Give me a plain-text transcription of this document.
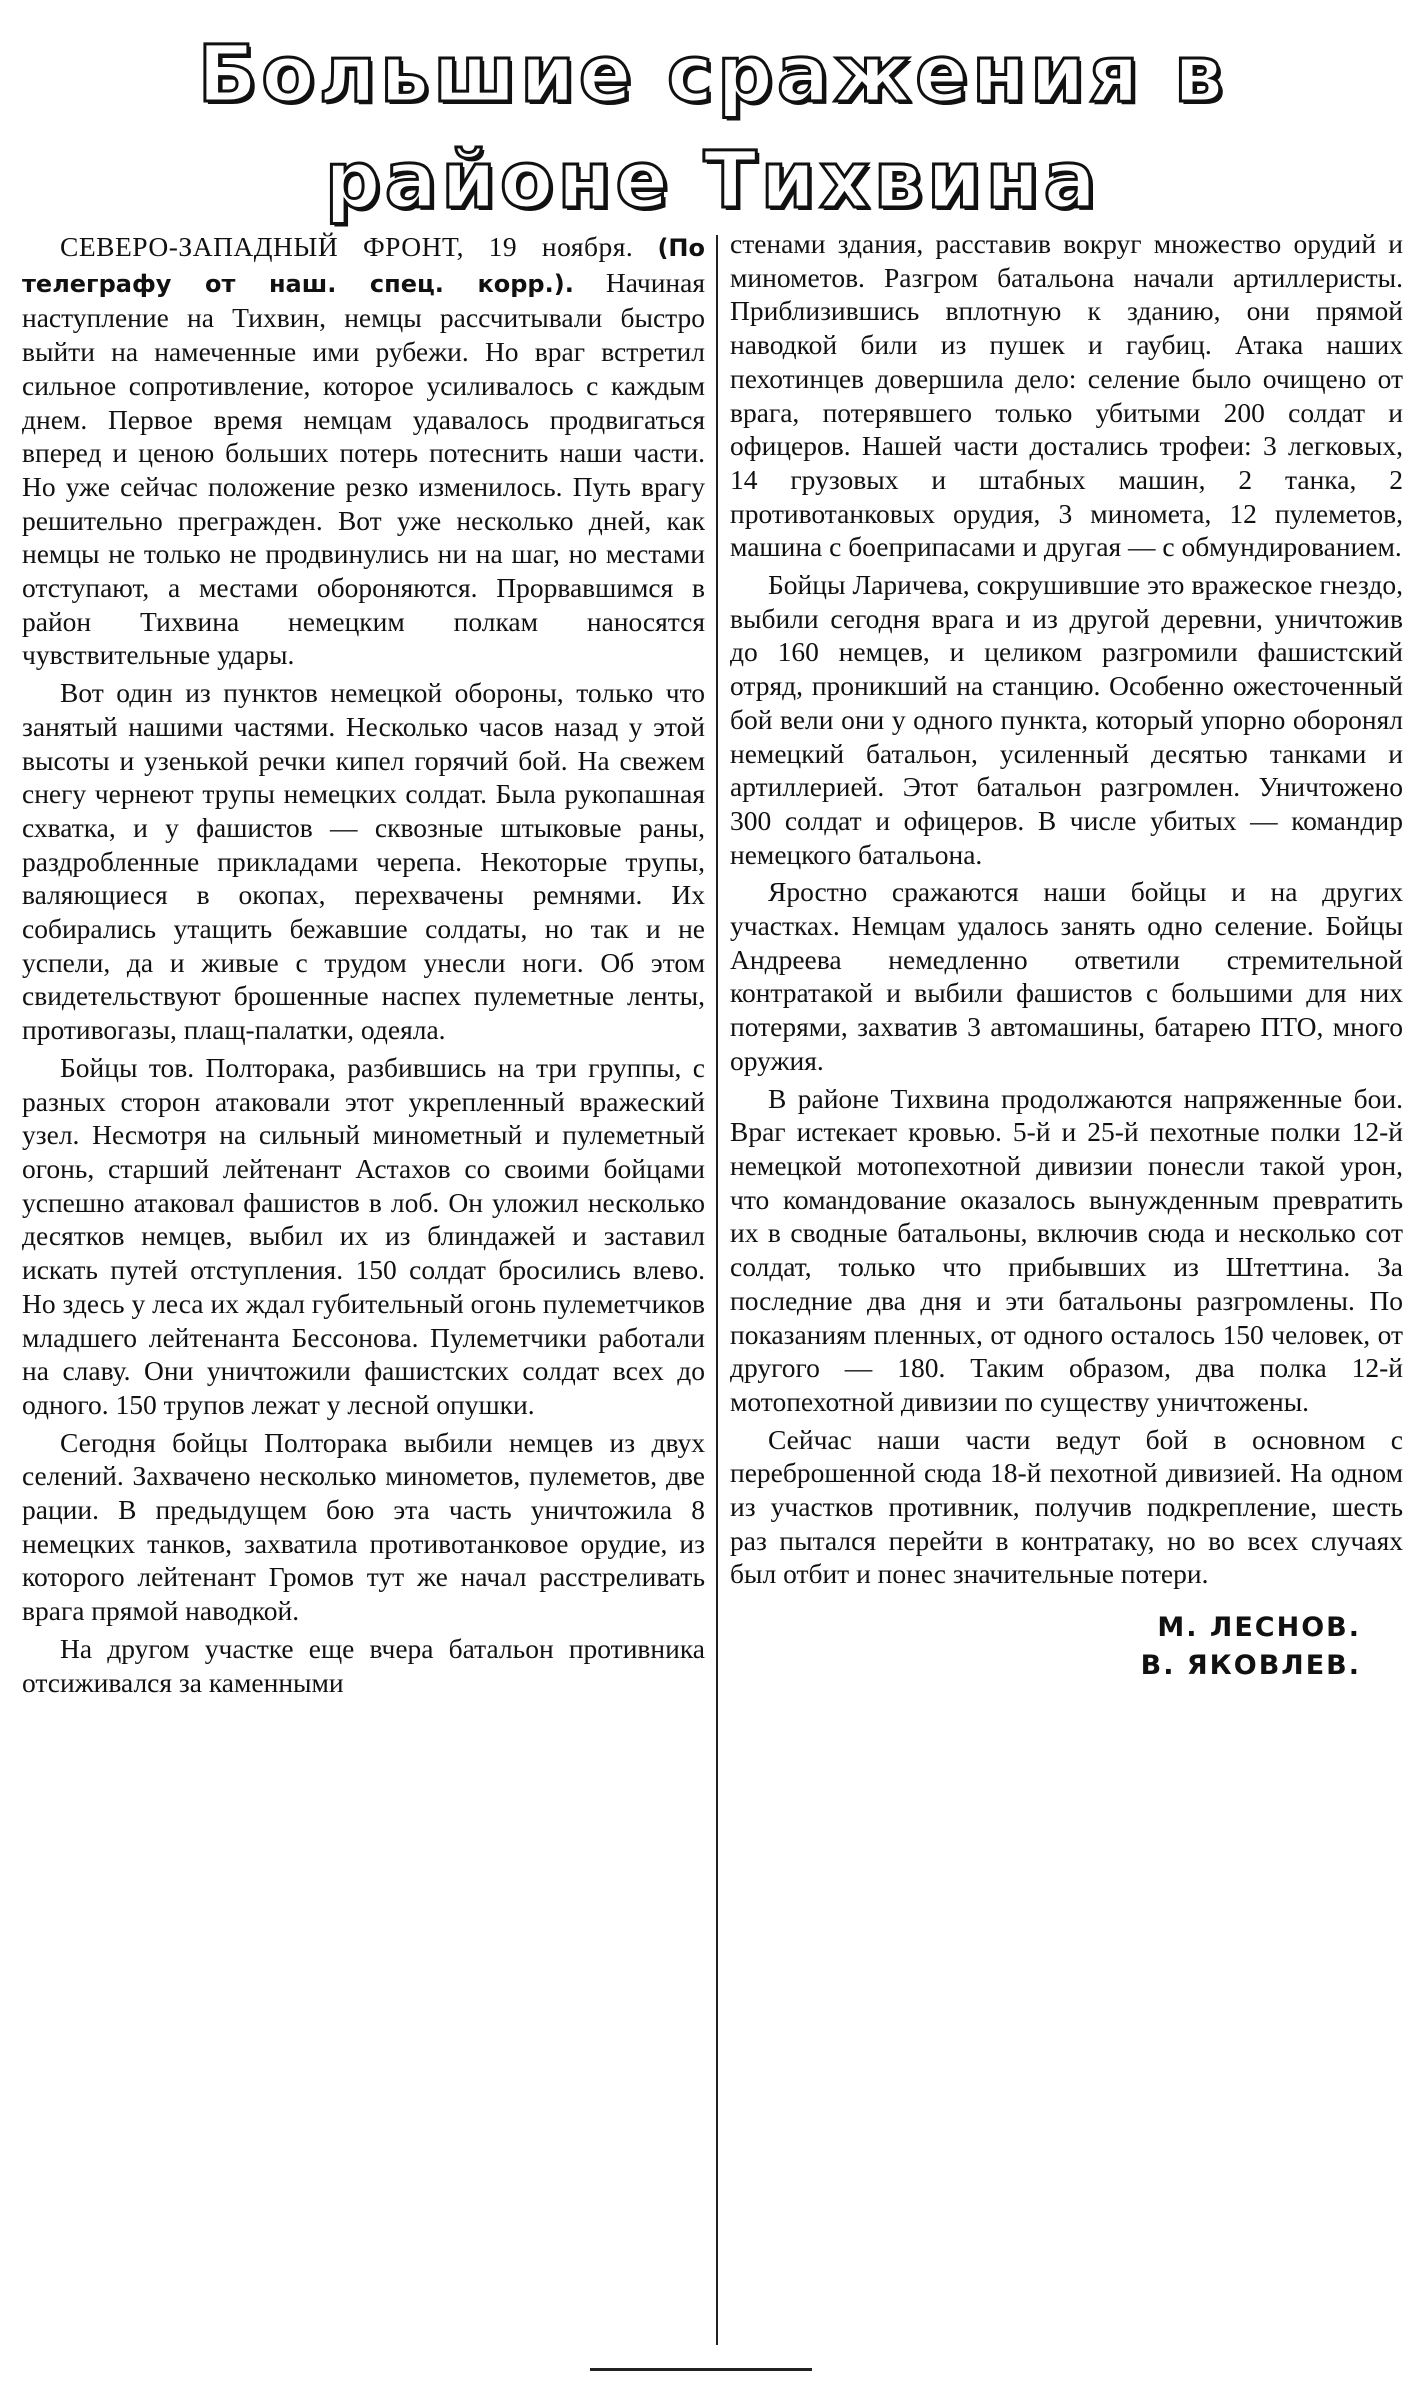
Большие сражения в районе Тихвина

СЕВЕРО-ЗАПАДНЫЙ ФРОНТ, 19 ноября. (По телеграфу от наш. спец. корр.). Начиная наступление на Тихвин, немцы рассчитывали быстро выйти на намеченные ими рубежи. Но враг встретил сильное сопротивление, которое усиливалось с каждым днем. Первое время немцам удавалось продвигаться вперед и ценою больших потерь потеснить наши части. Но уже сейчас положение резко изменилось. Путь врагу решительно прегражден. Вот уже несколько дней, как немцы не только не продвинулись ни на шаг, но местами отступают, а местами обороняются. Прорвавшимся в район Тихвина немецким полкам наносятся чувствительные удары.

Вот один из пунктов немецкой обороны, только что занятый нашими частями. Несколько часов назад у этой высоты и узенькой речки кипел горячий бой. На свежем снегу чернеют трупы немецких солдат. Была рукопашная схватка, и у фашистов — сквозные штыковые раны, раздробленные прикладами черепа. Некоторые трупы, валяющиеся в окопах, перехвачены ремнями. Их собирались утащить бежавшие солдаты, но так и не успели, да и живые с трудом унесли ноги. Об этом свидетельствуют брошенные наспех пулеметные ленты, противогазы, плащ-палатки, одеяла.

Бойцы тов. Полторака, разбившись на три группы, с разных сторон атаковали этот укрепленный вражеский узел. Несмотря на сильный минометный и пулеметный огонь, старший лейтенант Астахов со своими бойцами успешно атаковал фашистов в лоб. Он уложил несколько десятков немцев, выбил их из блиндажей и заставил искать путей отступления. 150 солдат бросились влево. Но здесь у леса их ждал губительный огонь пулеметчиков младшего лейтенанта Бессонова. Пулеметчики работали на славу. Они уничтожили фашистских солдат всех до одного. 150 трупов лежат у лесной опушки.

Сегодня бойцы Полторака выбили немцев из двух селений. Захвачено несколько минометов, пулеметов, две рации. В предыдущем бою эта часть уничтожила 8 немецких танков, захватила противотанковое орудие, из которого лейтенант Громов тут же начал расстреливать врага прямой наводкой.

На другом участке еще вчера батальон противника отсиживался за каменными

стенами здания, расставив вокруг множество орудий и минометов. Разгром батальона начали артиллеристы. Приблизившись вплотную к зданию, они прямой наводкой били из пушек и гаубиц. Атака наших пехотинцев довершила дело: селение было очищено от врага, потерявшего только убитыми 200 солдат и офицеров. Нашей части достались трофеи: 3 легковых, 14 грузовых и штабных машин, 2 танка, 2 противотанковых орудия, 3 миномета, 12 пулеметов, машина с боеприпасами и другая — с обмундированием.

Бойцы Ларичева, сокрушившие это вражеское гнездо, выбили сегодня врага и из другой деревни, уничтожив до 160 немцев, и целиком разгромили фашистский отряд, проникший на станцию. Особенно ожесточенный бой вели они у одного пункта, который упорно оборонял немецкий батальон, усиленный десятью танками и артиллерией. Этот батальон разгромлен. Уничтожено 300 солдат и офицеров. В числе убитых — командир немецкого батальона.

Яростно сражаются наши бойцы и на других участках. Немцам удалось занять одно селение. Бойцы Андреева немедленно ответили стремительной контратакой и выбили фашистов с большими для них потерями, захватив 3 автомашины, батарею ПТО, много оружия.

В районе Тихвина продолжаются напряженные бои. Враг истекает кровью. 5-й и 25-й пехотные полки 12-й немецкой мотопехотной дивизии понесли такой урон, что командование оказалось вынужденным превратить их в сводные батальоны, включив сюда и несколько сот солдат, только что прибывших из Штеттина. За последние два дня и эти батальоны разгромлены. По показаниям пленных, от одного осталось 150 человек, от другого — 180. Таким образом, два полка 12-й мотопехотной дивизии по существу уничтожены.

Сейчас наши части ведут бой в основном с переброшенной сюда 18-й пехотной дивизией. На одном из участков противник, получив подкрепление, шесть раз пытался перейти в контратаку, но во всех случаях был отбит и понес значительные потери.

М. ЛЕСНОВ.
В. ЯКОВЛЕВ.
